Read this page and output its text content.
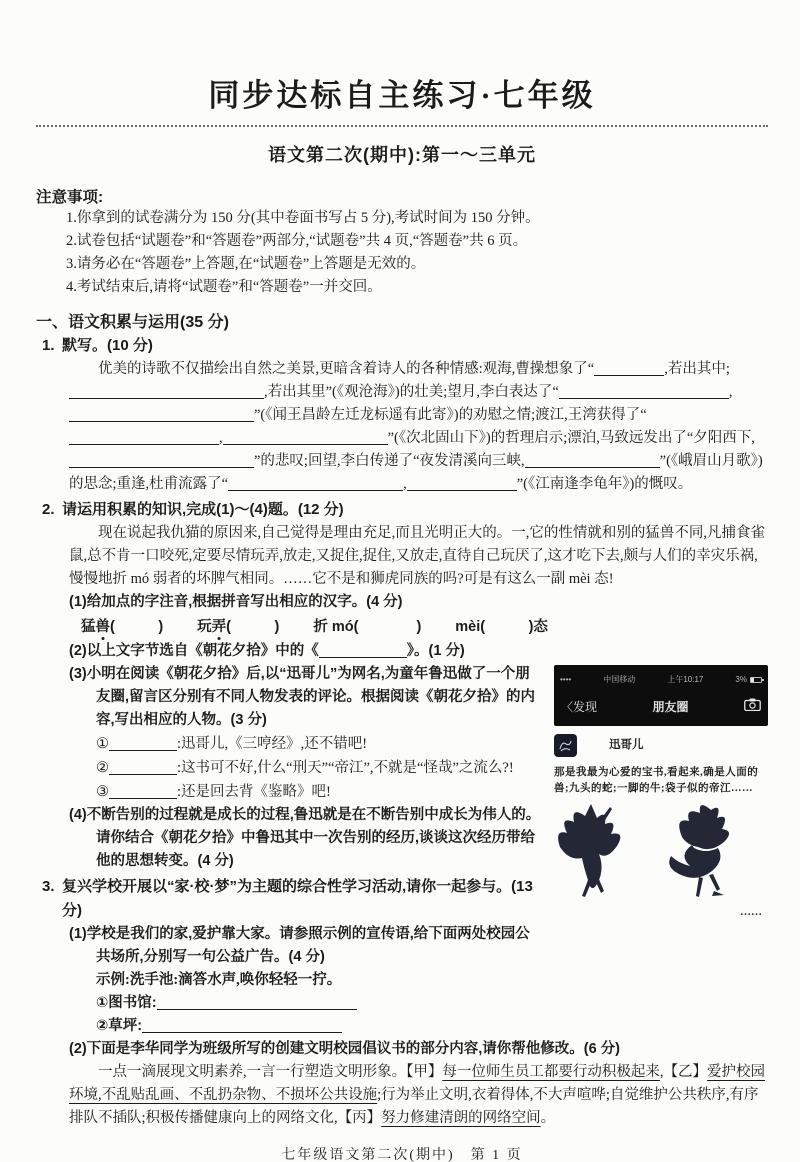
同步达标自主练习·七年级
语文第二次(期中):第一～三单元
注意事项:
1.你拿到的试卷满分为 150 分(其中卷面书写占 5 分),考试时间为 150 分钟。
2.试卷包括“试题卷”和“答题卷”两部分,“试题卷”共 4 页,“答题卷”共 6 页。
3.请务必在“答题卷”上答题,在“试题卷”上答题是无效的。
4.考试结束后,请将“试题卷”和“答题卷”一并交回。
一、语文积累与运用(35 分)
1. 默写。(10 分)

优美的诗歌不仅描绘出自然之美景,更暗含着诗人的各种情感:观海,曹操想象了“	,若出其中;,若出其里”(《观沧海》)的壮美;望月,李白表达了“	,”(《闻王昌龄左迁龙标遥有此寄》)的劝慰之情;渡江,王湾获得了“,	”(《次北固山下》)的哲理启示;漂泊,马致远发出了“夕阳西下,”的悲叹;回望,李白传递了“夜发清溪向三峡,	”(《峨眉山月歌》)的思念;重逢,杜甫流露了“	,	”(《江南逢李龟年》)的慨叹。

2. 请运用积累的知识,完成(1)～(4)题。(12 分)

现在说起我仇猫的原因来,自己觉得是理由充足,而且光明正大的。一,它的性情就和别的猛兽不同,凡捕食雀鼠,总不肯一口咬死,定要尽情玩弄,放走,又捉住,捉住,又放走,直待自己玩厌了,这才吃下去,颇与人们的幸灾乐祸,慢慢地折 mó 弱者的坏脾气相同。……它不是和狮虎同族的吗?可是有这么一副 mèi 态!

(1)给加点的字注音,根据拼音写出相应的汉字。(4 分)

猛兽(　　　) 玩弄(　　　) 折 mó(　　　　) mèi(　　　)态

(2)以上文字节选自《朝花夕拾》中的《	》。(1 分)

••••	中国移动	上午10:17	3%
〈发现	朋友圈
迅哥儿
那是我最为心爱的宝书,看起来,确是人面的兽;九头的蛇;一脚的牛;袋子似的帝江……
……

(3)小明在阅读《朝花夕拾》后,以“迅哥儿”为网名,为童年鲁迅做了一个朋友圈,留言区分别有不同人物发表的评论。根据阅读《朝花夕拾》的内容,写出相应的人物。(3 分)

①	:迅哥儿,《三哼经》,还不错吧!

②	:这书可不好,什么“刑天”“帝江”,不就是“怪哉”之流么?!

③	:还是回去背《鉴略》吧!

(4)不断告别的过程就是成长的过程,鲁迅就是在不断告别中成长为伟人的。请你结合《朝花夕拾》中鲁迅其中一次告别的经历,谈谈这次经历带给他的思想转变。(4 分)

3. 复兴学校开展以“家·校·梦”为主题的综合性学习活动,请你一起参与。(13 分)

(1)学校是我们的家,爱护靠大家。请参照示例的宣传语,给下面两处校园公共场所,分别写一句公益广告。(4 分)

示例:洗手池:滴答水声,唤你轻轻一拧。

①图书馆:

②草坪:

(2)下面是李华同学为班级所写的创建文明校园倡议书的部分内容,请你帮他修改。(6 分)

一点一滴展现文明素养,一言一行塑造文明形象。【甲】每一位师生员工都要行动积极起来,【乙】爱护校园环境,不乱贴乱画、不乱扔杂物、不损坏公共设施;行为举止文明,衣着得体,不大声喧哗;自觉维护公共秩序,有序排队不插队;积极传播健康向上的网络文化,【丙】努力修建清朗的网络空间。

七年级语文第二次(期中)　第 1 页
